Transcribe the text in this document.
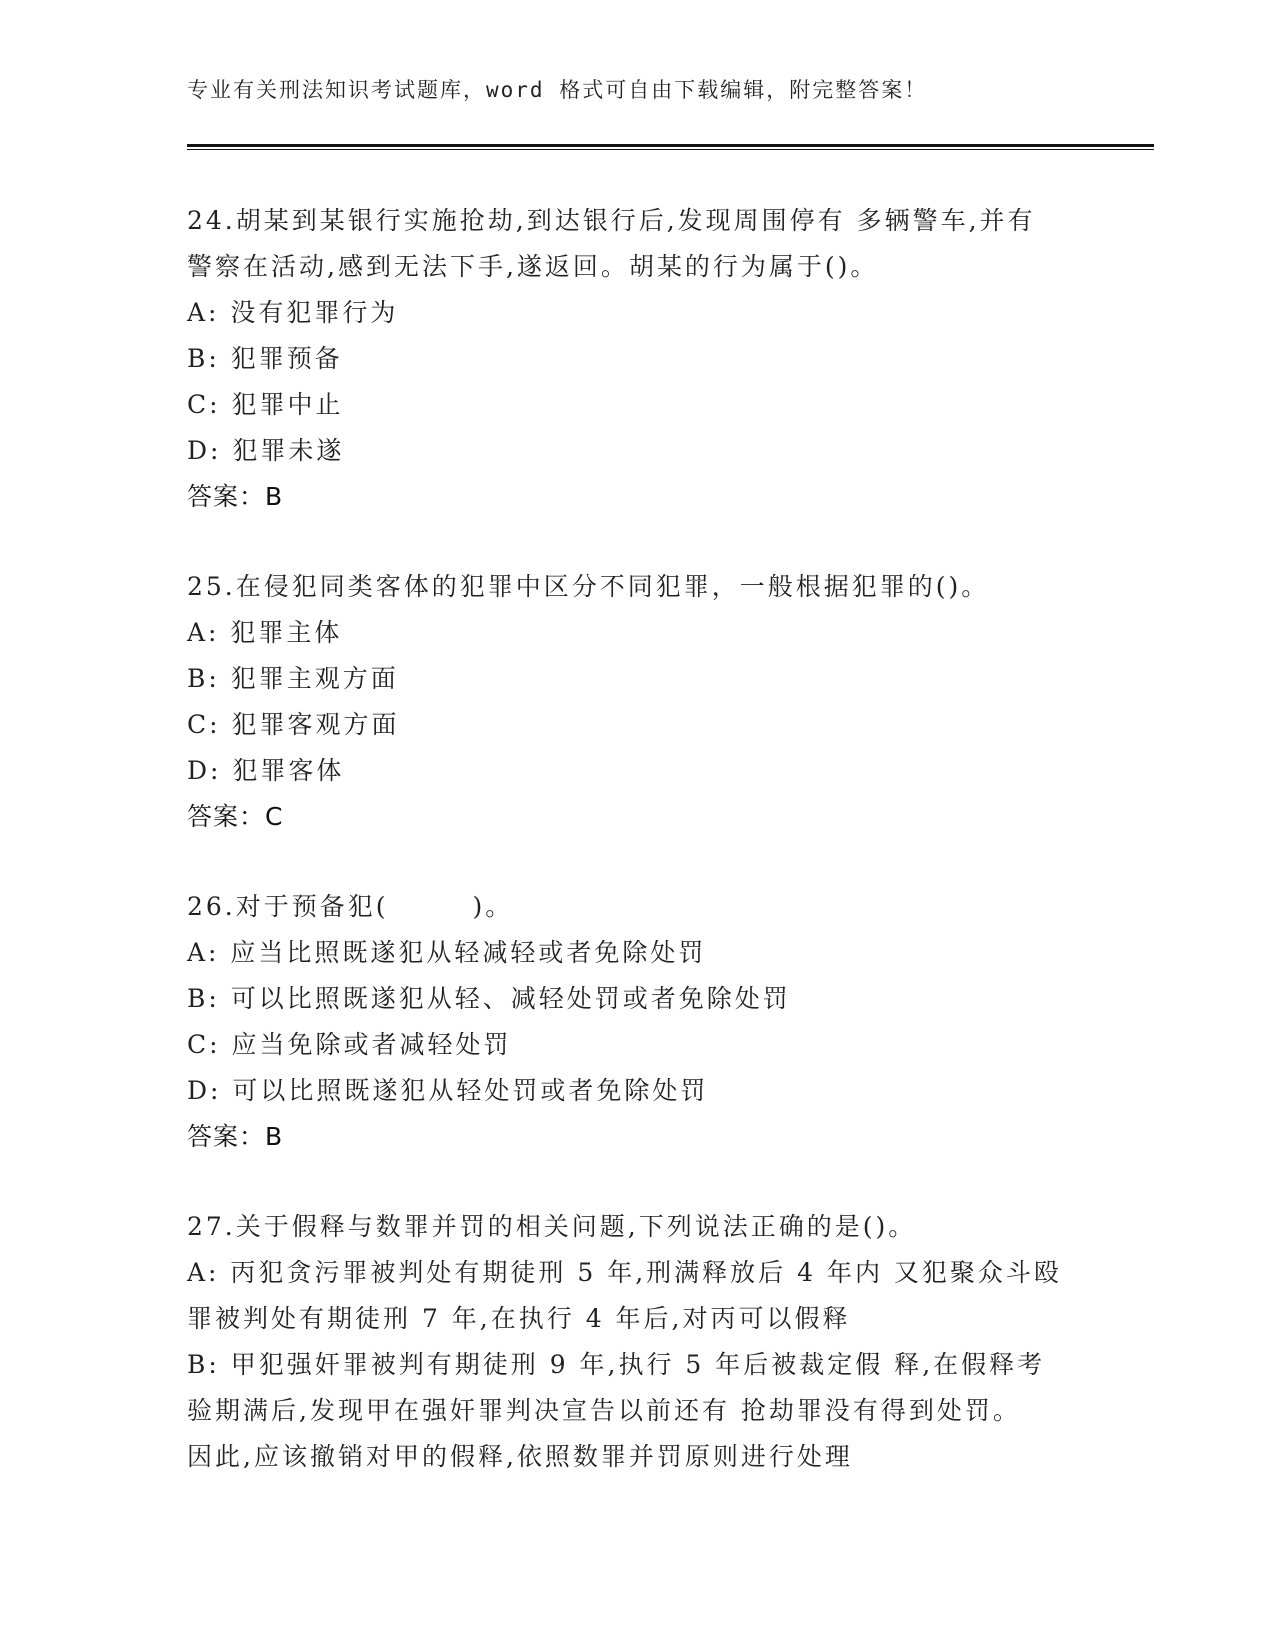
专业有关刑法知识考试题库，word 格式可自由下载编辑，附完整答案！

24.胡某到某银行实施抢劫,到达银行后,发现周围停有 多辆警车,并有

警察在活动,感到无法下手,遂返回。胡某的行为属于()。

A: 没有犯罪行为

B: 犯罪预备

C: 犯罪中止

D: 犯罪未遂

答案：B

25.在侵犯同类客体的犯罪中区分不同犯罪，一般根据犯罪的()。

A: 犯罪主体

B: 犯罪主观方面

C: 犯罪客观方面

D: 犯罪客体

答案：C

26.对于预备犯(　　　)。

A: 应当比照既遂犯从轻减轻或者免除处罚

B: 可以比照既遂犯从轻、减轻处罚或者免除处罚

C: 应当免除或者减轻处罚

D: 可以比照既遂犯从轻处罚或者免除处罚

答案：B

27.关于假释与数罪并罚的相关问题,下列说法正确的是()。

A: 丙犯贪污罪被判处有期徒刑 5 年,刑满释放后 4 年内 又犯聚众斗殴

罪被判处有期徒刑 7 年,在执行 4 年后,对丙可以假释

B: 甲犯强奸罪被判有期徒刑 9 年,执行 5 年后被裁定假 释,在假释考

验期满后,发现甲在强奸罪判决宣告以前还有 抢劫罪没有得到处罚。

因此,应该撤销对甲的假释,依照数罪并罚原则进行处理
